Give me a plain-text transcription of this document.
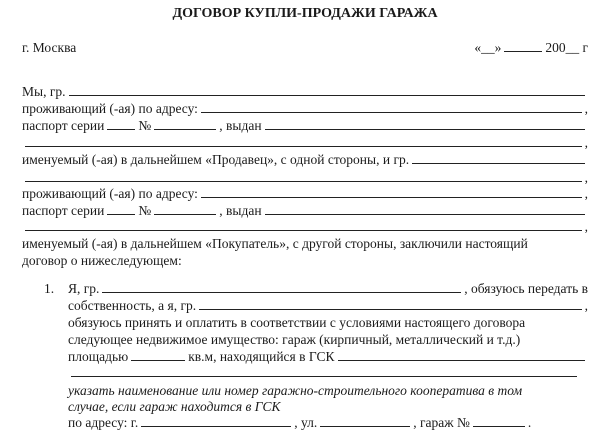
ДОГОВОР КУПЛИ-ПРОДАЖИ ГАРАЖА
г. Москва	«__»	200__ г
Мы, гр.
проживающий (-ая) по адресу:	,
паспорт серии	№	, выдан
,
именуемый (-ая) в дальнейшем «Продавец», с одной стороны, и гр.
,
проживающий (-ая) по адресу:	,
паспорт серии	№	, выдан
,
именуемый (-ая) в дальнейшем «Покупатель», с другой стороны, заключили настоящий
договор о нижеследующем:
1. Я, гр.	, обязуюсь передать в
собственность, а я, гр.	,
обязуюсь принять и оплатить в соответствии с условиями настоящего договора
следующее недвижимое имущество: гараж (кирпичный, металлический и т.д.)
площадью	кв.м, находящийся в ГСК
указать наименование или номер гаражно-строительного кооператива в том
случае, если гараж находится в ГСК
по адресу: г.	, ул.	, гараж №	.
